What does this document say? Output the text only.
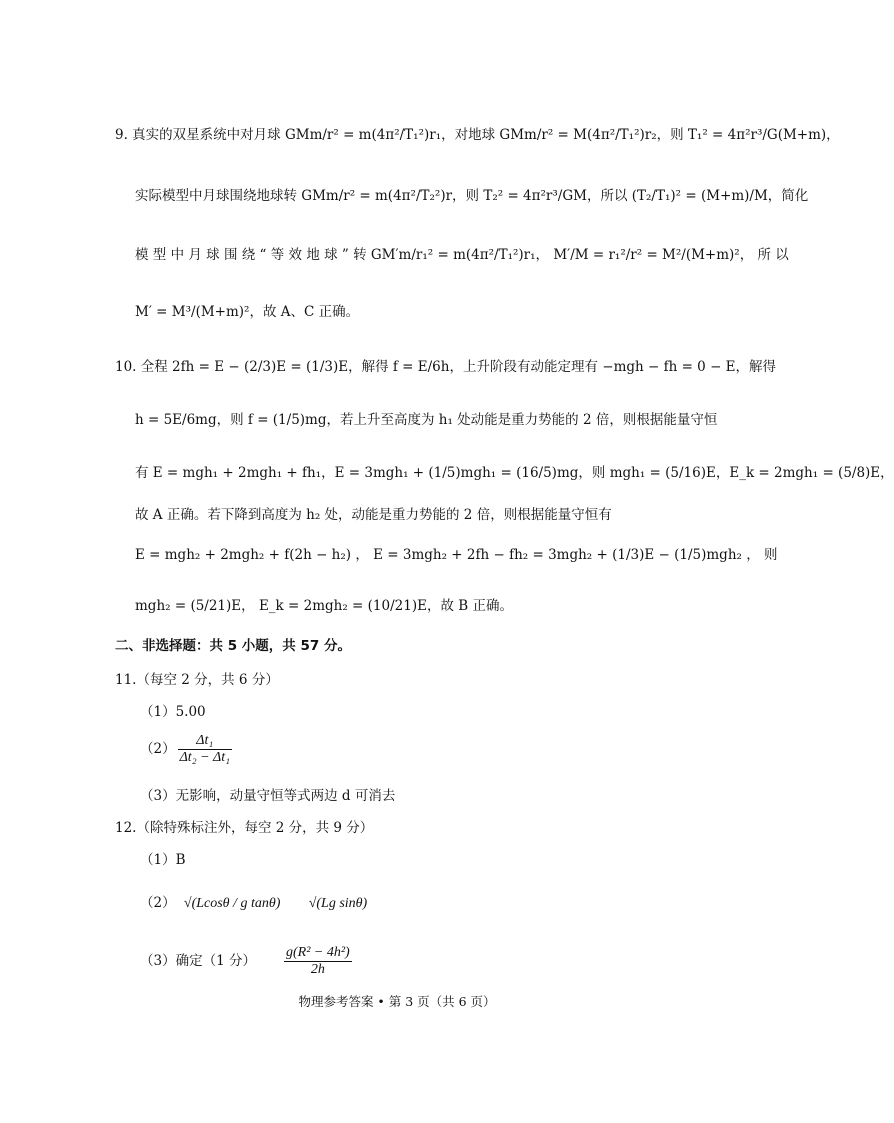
9. 真实的双星系统中对月球 GMm/r² = m(4π²/T₁²)r₁，对地球 GMm/r² = M(4π²/T₁²)r₂，则 T₁² = 4π²r³/G(M+m)，
实际模型中月球围绕地球转 GMm/r² = m(4π²/T₂²)r，则 T₂² = 4π²r³/GM，所以 (T₂/T₁)² = (M+m)/M，简化
模 型 中 月 球 围 绕 “ 等 效 地 球 ” 转 GM′m/r₁² = m(4π²/T₁²)r₁， M′/M = r₁²/r² = M²/(M+m)²， 所 以
M′ = M³/(M+m)²，故 A、C 正确。
10. 全程 2fh = E − (2/3)E = (1/3)E，解得 f = E/6h，上升阶段有动能定理有 −mgh − fh = 0 − E，解得
h = 5E/6mg，则 f = (1/5)mg，若上升至高度为 h₁ 处动能是重力势能的 2 倍，则根据能量守恒
有 E = mgh₁ + 2mgh₁ + fh₁，E = 3mgh₁ + (1/5)mgh₁ = (16/5)mg，则 mgh₁ = (5/16)E，E_k = 2mgh₁ = (5/8)E，
故 A 正确。若下降到高度为 h₂ 处，动能是重力势能的 2 倍，则根据能量守恒有
E = mgh₂ + 2mgh₂ + f(2h − h₂) ， E = 3mgh₂ + 2fh − fh₂ = 3mgh₂ + (1/3)E − (1/5)mgh₂ ， 则
mgh₂ = (5/21)E， E_k = 2mgh₂ = (10/21)E，故 B 正确。
二、非选择题：共 5 小题，共 57 分。
11.（每空 2 分，共 6 分）
（1）5.00
$(2) \frac{\text{Δt₁}}{\text{Δt₂ − Δt₁}}$
（3）无影响，动量守恒等式两边 d 可消去
12.（除特殊标注外，每空 2 分，共 9 分）
（1）B
（2） √(Lcosθ / g tanθ) √(Lg sinθ)
（3）确定（1 分） $\frac{\text{g(R² − 4h²)}}{2h}$
物理参考答案 • 第 3 页（共 6 页）
